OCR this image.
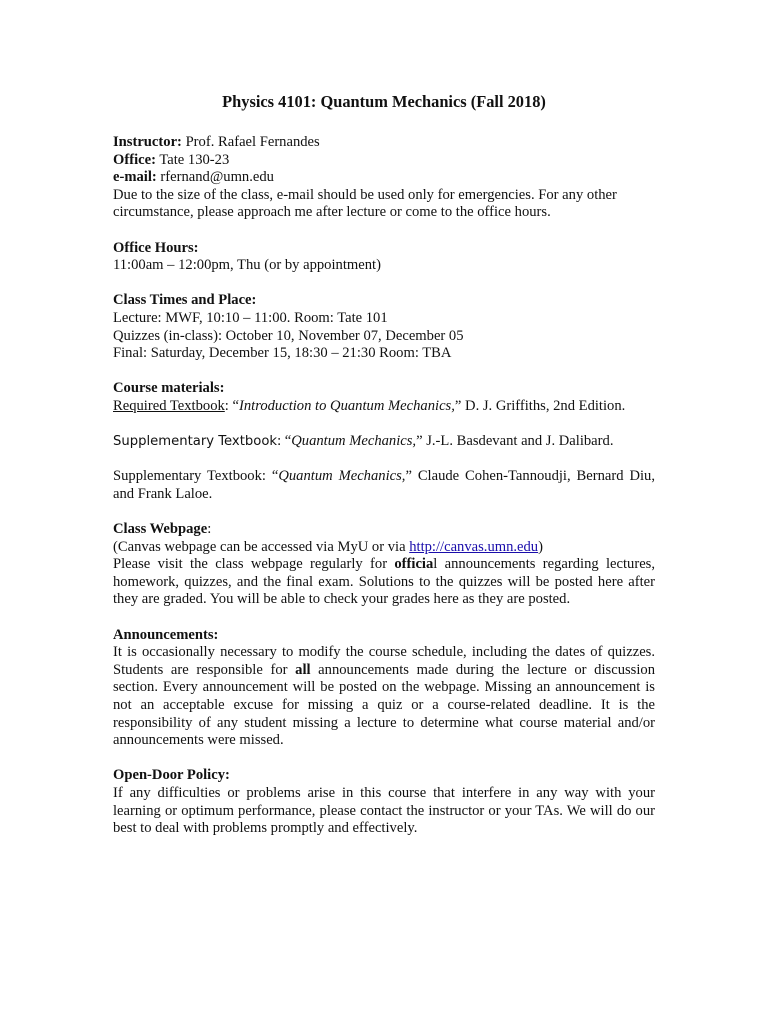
Physics 4101: Quantum Mechanics (Fall 2018)

Instructor: Prof. Rafael Fernandes

Office: Tate 130-23

e-mail: rfernand@umn.edu

Due to the size of the class, e-mail should be used only for emergencies. For any other

circumstance, please approach me after lecture or come to the office hours.

Office Hours:

11:00am – 12:00pm, Thu (or by appointment)

Class Times and Place:

Lecture: MWF, 10:10 – 11:00. Room: Tate 101

Quizzes (in-class): October 10, November 07, December 05

Final: Saturday, December 15, 18:30 – 21:30 Room: TBA

Course materials:

Required Textbook: “Introduction to Quantum Mechanics,” D. J. Griffiths, 2nd Edition.

Supplementary Textbook: “Quantum Mechanics,” J.-L. Basdevant and J. Dalibard.

Supplementary Textbook: “Quantum Mechanics,” Claude Cohen-Tannoudji, Bernard Diu, and Frank Laloe.

Class Webpage:

(Canvas webpage can be accessed via MyU or via http://canvas.umn.edu)

Please visit the class webpage regularly for official announcements regarding lectures, homework, quizzes, and the final exam. Solutions to the quizzes will be posted here after they are graded. You will be able to check your grades here as they are posted.

Announcements:

It is occasionally necessary to modify the course schedule, including the dates of quizzes. Students are responsible for all announcements made during the lecture or discussion section. Every announcement will be posted on the webpage. Missing an announcement is not an acceptable excuse for missing a quiz or a course-related deadline. It is the responsibility of any student missing a lecture to determine what course material and/or announcements were missed.

Open-Door Policy:

If any difficulties or problems arise in this course that interfere in any way with your learning or optimum performance, please contact the instructor or your TAs. We will do our best to deal with problems promptly and effectively.
